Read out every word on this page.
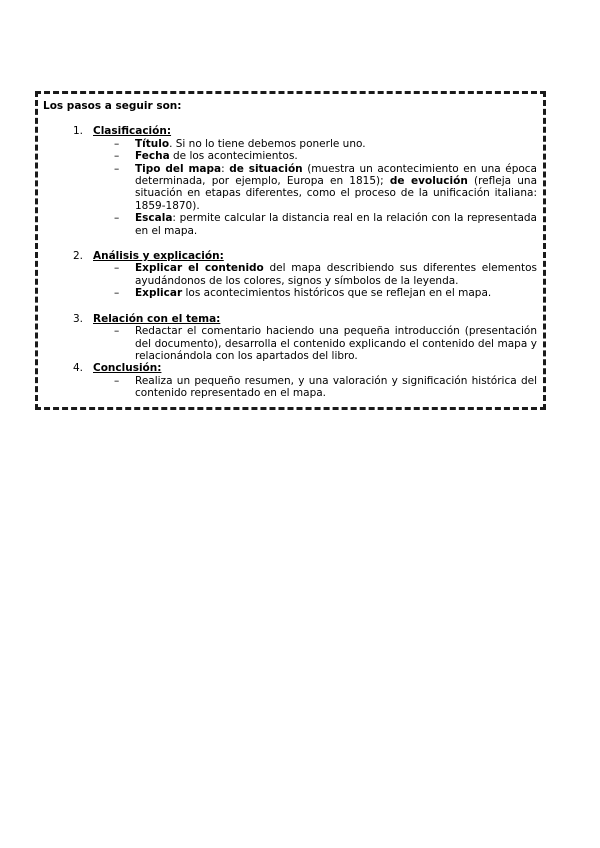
Los pasos a seguir son:
1. Clasificación:
– Título. Si no lo tiene debemos ponerle uno.
– Fecha de los acontecimientos.
– Tipo del mapa: de situación (muestra un acontecimiento en una época determinada, por ejemplo, Europa en 1815); de evolución (refleja una situación en etapas diferentes, como el proceso de la unificación italiana: 1859-1870).
– Escala: permite calcular la distancia real en la relación con la representada en el mapa.
2. Análisis y explicación:
– Explicar el contenido del mapa describiendo sus diferentes elementos ayudándonos de los colores, signos y símbolos de la leyenda.
– Explicar los acontecimientos históricos que se reflejan en el mapa.
3. Relación con el tema:
– Redactar el comentario haciendo una pequeña introducción (presentación del documento), desarrolla el contenido explicando el contenido del mapa y relacionándola con los apartados del libro.
4. Conclusión:
– Realiza un pequeño resumen, y una valoración y significación histórica del contenido representado en el mapa.
